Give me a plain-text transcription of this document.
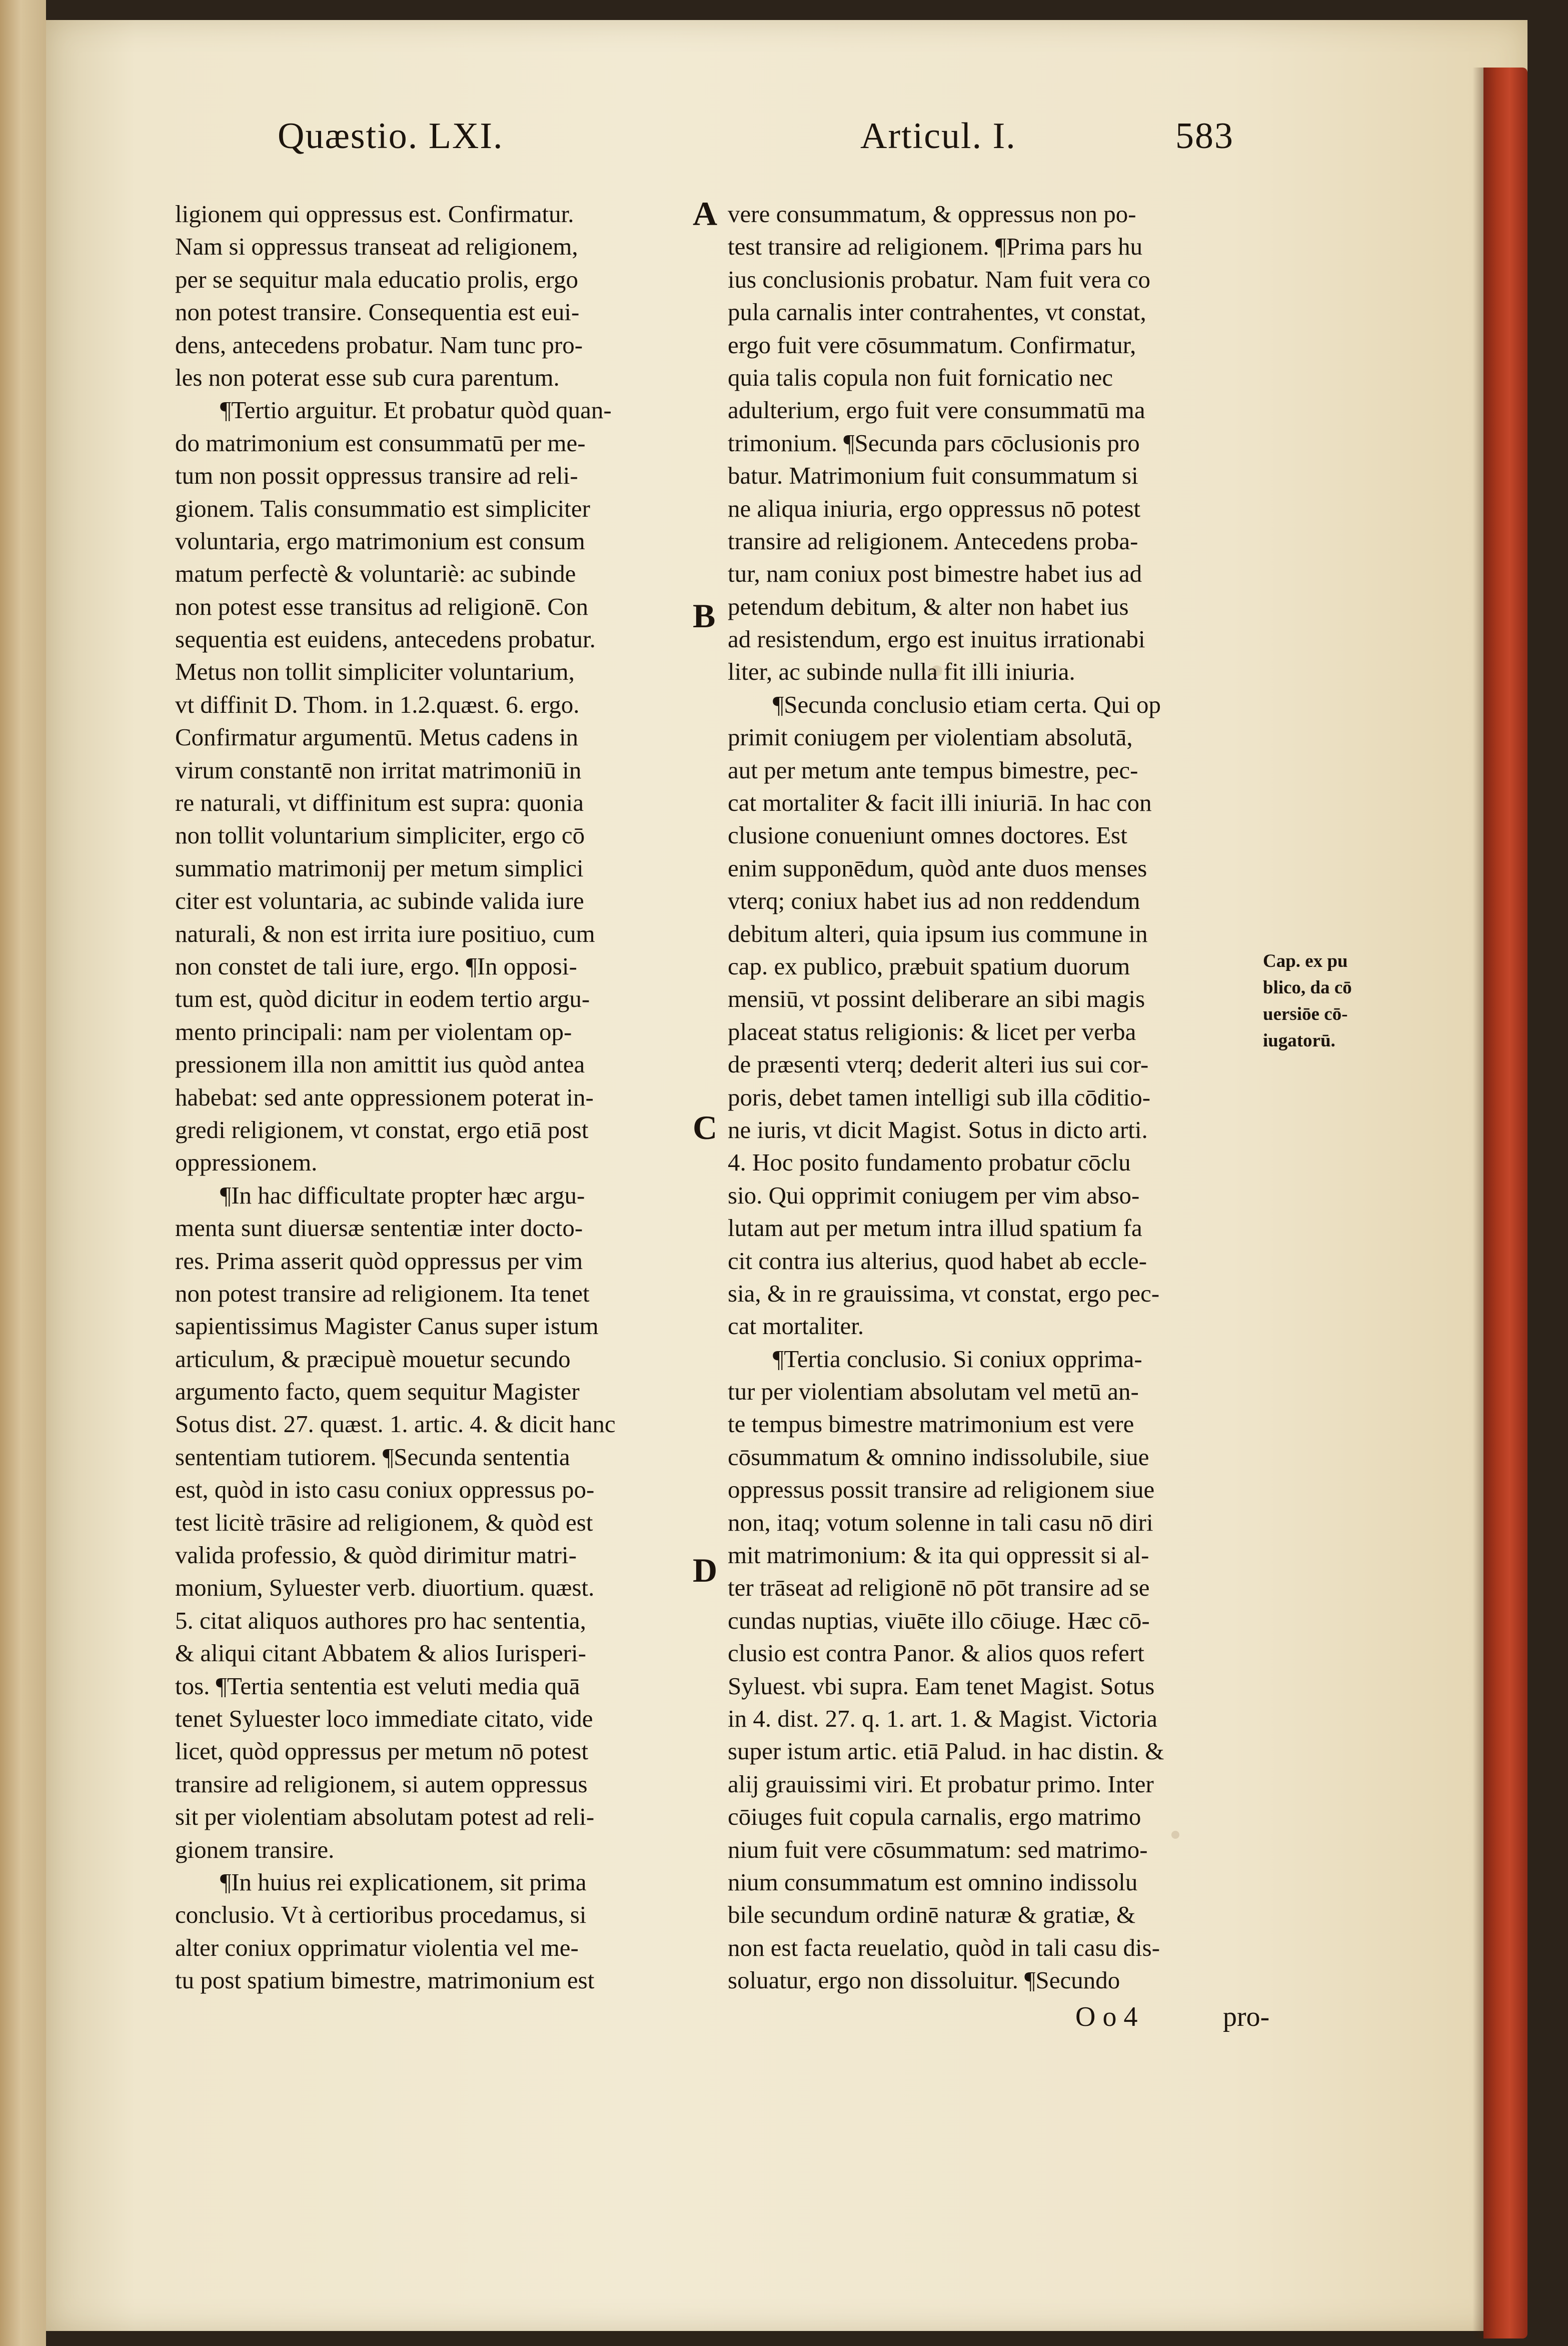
Quæstio. LXI.	Articul. I.	583
ligionem qui oppressus est. Confirmatur.
Nam si oppressus transeat ad religionem,
per se sequitur mala educatio prolis, ergo
non potest transire. Consequentia est eui-
dens, antecedens probatur. Nam tunc pro-
les non poterat esse sub cura parentum.
¶Tertio arguitur. Et probatur quòd quan-
do matrimonium est consummatū per me-
tum non possit oppressus transire ad reli-
gionem. Talis consummatio est simpliciter
voluntaria, ergo matrimonium est consum
matum perfectè & voluntariè: ac subinde
non potest esse transitus ad religionē. Con
sequentia est euidens, antecedens probatur.
Metus non tollit simpliciter voluntarium,
vt diffinit D. Thom. in 1.2.quæst. 6. ergo.
Confirmatur argumentū. Metus cadens in
virum constantē non irritat matrimoniū in
re naturali, vt diffinitum est supra: quonia
non tollit voluntarium simpliciter, ergo cō
summatio matrimonij per metum simplici
citer est voluntaria, ac subinde valida iure
naturali, & non est irrita iure positiuo, cum
non constet de tali iure, ergo. ¶In opposi-
tum est, quòd dicitur in eodem tertio argu-
mento principali: nam per violentam op-
pressionem illa non amittit ius quòd antea
habebat: sed ante oppressionem poterat in-
gredi religionem, vt constat, ergo etiā post
oppressionem.
¶In hac difficultate propter hæc argu-
menta sunt diuersæ sententiæ inter docto-
res. Prima asserit quòd oppressus per vim
non potest transire ad religionem. Ita tenet
sapientissimus Magister Canus super istum
articulum, & præcipuè mouetur secundo
argumento facto, quem sequitur Magister
Sotus dist. 27. quæst. 1. artic. 4. & dicit hanc
sententiam tutiorem. ¶Secunda sententia
est, quòd in isto casu coniux oppressus po-
test licitè trāsire ad religionem, & quòd est
valida professio, & quòd dirimitur matri-
monium, Syluester verb. diuortium. quæst.
5. citat aliquos authores pro hac sententia,
& aliqui citant Abbatem & alios Iurisperi-
tos. ¶Tertia sententia est veluti media quā
tenet Syluester loco immediate citato, vide
licet, quòd oppressus per metum nō potest
transire ad religionem, si autem oppressus
sit per violentiam absolutam potest ad reli-
gionem transire.
¶In huius rei explicationem, sit prima
conclusio. Vt à certioribus procedamus, si
alter coniux opprimatur violentia vel me-
tu post spatium bimestre, matrimonium est
vere consummatum, & oppressus non po-
test transire ad religionem. ¶Prima pars hu
ius conclusionis probatur. Nam fuit vera co
pula carnalis inter contrahentes, vt constat,
ergo fuit vere cōsummatum. Confirmatur,
quia talis copula non fuit fornicatio nec
adulterium, ergo fuit vere consummatū ma
trimonium. ¶Secunda pars cōclusionis pro
batur. Matrimonium fuit consummatum si
ne aliqua iniuria, ergo oppressus nō potest
transire ad religionem. Antecedens proba-
tur, nam coniux post bimestre habet ius ad
petendum debitum, & alter non habet ius
ad resistendum, ergo est inuitus irrationabi
liter, ac subinde nulla fit illi iniuria.
¶Secunda conclusio etiam certa. Qui op
primit coniugem per violentiam absolutā,
aut per metum ante tempus bimestre, pec-
cat mortaliter & facit illi iniuriā. In hac con
clusione conueniunt omnes doctores. Est
enim supponēdum, quòd ante duos menses
vterq; coniux habet ius ad non reddendum
debitum alteri, quia ipsum ius commune in
cap. ex publico, præbuit spatium duorum
mensiū, vt possint deliberare an sibi magis
placeat status religionis: & licet per verba
de præsenti vterq; dederit alteri ius sui cor-
poris, debet tamen intelligi sub illa cōditio-
ne iuris, vt dicit Magist. Sotus in dicto arti.
4. Hoc posito fundamento probatur cōclu
sio. Qui opprimit coniugem per vim abso-
lutam aut per metum intra illud spatium fa
cit contra ius alterius, quod habet ab eccle-
sia, & in re grauissima, vt constat, ergo pec-
cat mortaliter.
¶Tertia conclusio. Si coniux opprima-
tur per violentiam absolutam vel metū an-
te tempus bimestre matrimonium est vere
cōsummatum & omnino indissolubile, siue
oppressus possit transire ad religionem siue
non, itaq; votum solenne in tali casu nō diri
mit matrimonium: & ita qui oppressit si al-
ter trāseat ad religionē nō pōt transire ad se
cundas nuptias, viuēte illo cōiuge. Hæc cō-
clusio est contra Panor. & alios quos refert
Syluest. vbi supra. Eam tenet Magist. Sotus
in 4. dist. 27. q. 1. art. 1. & Magist. Victoria
super istum artic. etiā Palud. in hac distin. &
alij grauissimi viri. Et probatur primo. Inter
cōiuges fuit copula carnalis, ergo matrimo
nium fuit vere cōsummatum: sed matrimo-
nium consummatum est omnino indissolu
bile secundum ordinē naturæ & gratiæ, &
non est facta reuelatio, quòd in tali casu dis-
soluatur, ergo non dissoluitur. ¶Secundo
A
B
C
D
Cap. ex pu
blico, da cō
uersiōe cō-
iugatorū.
O o 4	pro-
